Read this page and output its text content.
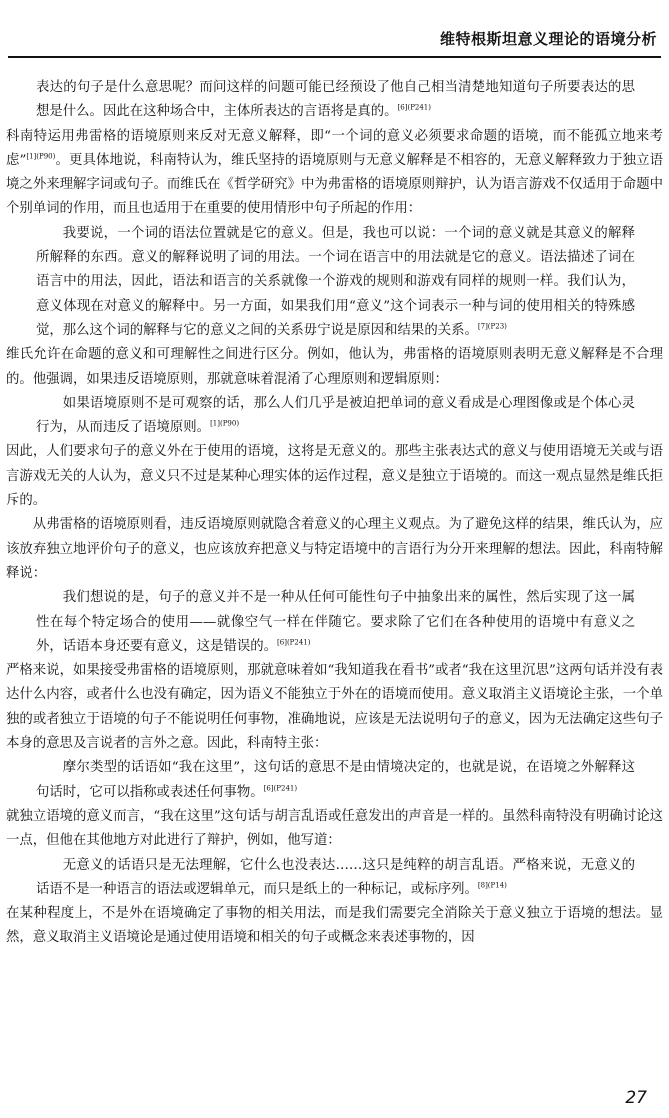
维特根斯坦意义理论的语境分析

表达的句子是什么意思呢？而问这样的问题可能已经预设了他自己相当清楚地知道句子所要表达的思想是什么。因此在这种场合中，主体所表达的言语将是真的。$^{[6](P241)}$

科南特运用弗雷格的语境原则来反对无意义解释，即“一个词的意义必须要求命题的语境，而不能孤立地来考虑”$^{[1](P90)}$。更具体地说，科南特认为，维氏坚持的语境原则与无意义解释是不相容的，无意义解释致力于独立语境之外来理解字词或句子。而维氏在《哲学研究》中为弗雷格的语境原则辩护，认为语言游戏不仅适用于命题中个别单词的作用，而且也适用于在重要的使用情形中句子所起的作用：

我要说，一个词的语法位置就是它的意义。但是，我也可以说：一个词的意义就是其意义的解释所解释的东西。意义的解释说明了词的用法。一个词在语言中的用法就是它的意义。语法描述了词在语言中的用法，因此，语法和语言的关系就像一个游戏的规则和游戏有同样的规则一样。我们认为，意义体现在对意义的解释中。另一方面，如果我们用“意义”这个词表示一种与词的使用相关的特殊感觉，那么这个词的解释与它的意义之间的关系毋宁说是原因和结果的关系。$^{[7](P23)}$

维氏允许在命题的意义和可理解性之间进行区分。例如，他认为，弗雷格的语境原则表明无意义解释是不合理的。他强调，如果违反语境原则，那就意味着混淆了心理原则和逻辑原则：

如果语境原则不是可观察的话，那么人们几乎是被迫把单词的意义看成是心理图像或是个体心灵行为，从而违反了语境原则。$^{[1](P90)}$

因此，人们要求句子的意义外在于使用的语境，这将是无意义的。那些主张表达式的意义与使用语境无关或与语言游戏无关的人认为，意义只不过是某种心理实体的运作过程，意义是独立于语境的。而这一观点显然是维氏拒斥的。

从弗雷格的语境原则看，违反语境原则就隐含着意义的心理主义观点。为了避免这样的结果，维氏认为，应该放弃独立地评价句子的意义，也应该放弃把意义与特定语境中的言语行为分开来理解的想法。因此，科南特解释说：

我们想说的是，句子的意义并不是一种从任何可能性句子中抽象出来的属性，然后实现了这一属性在每个特定场合的使用——就像空气一样在伴随它。要求除了它们在各种使用的语境中有意义之外，话语本身还要有意义，这是错误的。$^{[6](P241)}$

严格来说，如果接受弗雷格的语境原则，那就意味着如“我知道我在看书”或者“我在这里沉思”这两句话并没有表达什么内容，或者什么也没有确定，因为语义不能独立于外在的语境而使用。意义取消主义语境论主张，一个单独的或者独立于语境的句子不能说明任何事物，准确地说，应该是无法说明句子的意义，因为无法确定这些句子本身的意思及言说者的言外之意。因此，科南特主张：

摩尔类型的话语如“我在这里”，这句话的意思不是由情境决定的，也就是说，在语境之外解释这句话时，它可以指称或表述任何事物。$^{[6](P241)}$

就独立语境的意义而言，“我在这里”这句话与胡言乱语或任意发出的声音是一样的。虽然科南特没有明确讨论这一点，但他在其他地方对此进行了辩护，例如，他写道：

无意义的话语只是无法理解，它什么也没表达……这只是纯粹的胡言乱语。严格来说，无意义的话语不是一种语言的语法或逻辑单元，而只是纸上的一种标记，或标序列。$^{[8](P14)}$

在某种程度上，不是外在语境确定了事物的相关用法，而是我们需要完全消除关于意义独立于语境的想法。显然，意义取消主义语境论是通过使用语境和相关的句子或概念来表述事物的，因

27
